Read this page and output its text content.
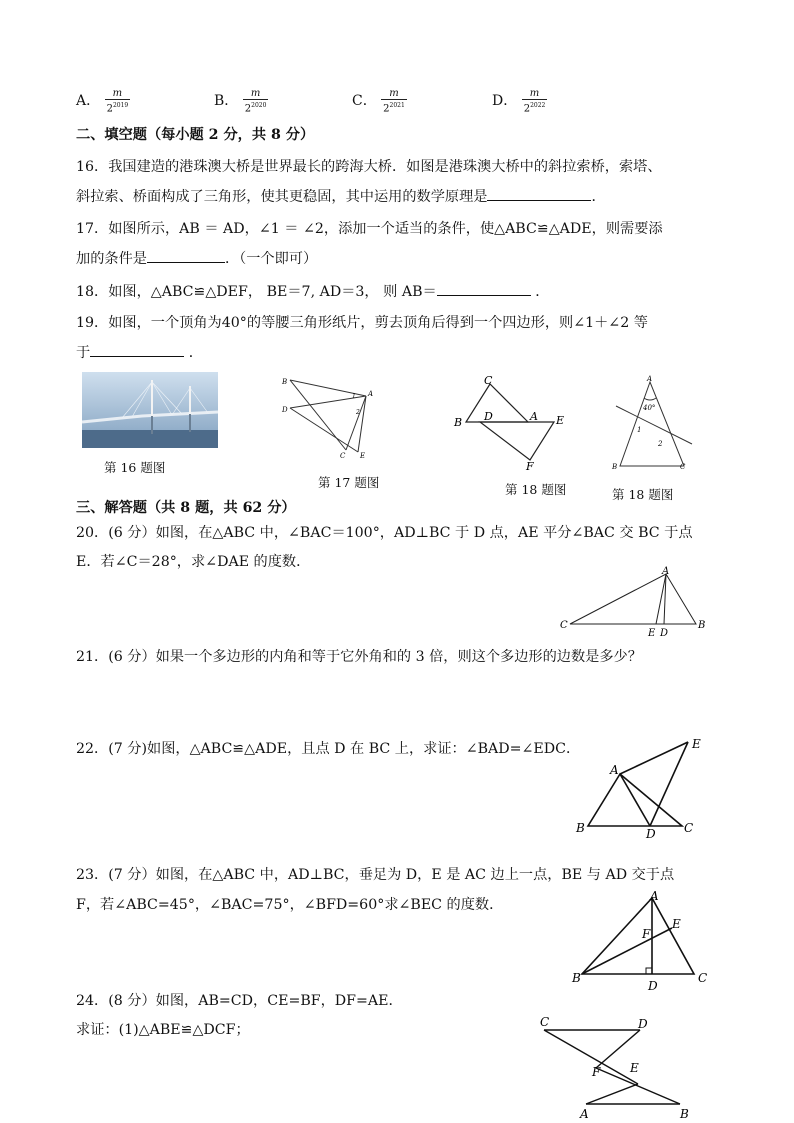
A． $\frac{m}{2^{2019}}$	B． $\frac{m}{2^{2020}}$	C． $\frac{m}{2^{2021}}$	D． $\frac{m}{2^{2022}}$
二、填空题（每小题 2 分，共 8 分）
16．我国建造的港珠澳大桥是世界最长的跨海大桥．如图是港珠澳大桥中的斜拉索桥，索塔、
斜拉索、桥面构成了三角形，使其更稳固，其中运用的数学原理是	．
17．如图所示，AB ＝ AD，∠1 ＝ ∠2，添加一个适当的条件，使△ABC≌△ADE，则需要添
加的条件是	．（一个即可）
18．如图，△ABC≌△DEF， BE＝7, AD＝3， 则 AB＝	．
19．如图，一个顶角为40°的等腰三角形纸片，剪去顶角后得到一个四边形，则∠1＋∠2 等
于	．
第 16 题图
B
D
A
C E
1
2
第 17 题图
C
B D	A E
F
第 18 题图
A
B	C
40°
1
2
第 18 题图
三、解答题（共 8 题，共 62 分）
20．(6 分）如图，在△ABC 中，∠BAC＝100°，AD⊥BC 于 D 点，AE 平分∠BAC 交 BC 于点
E．若∠C＝28°，求∠DAE 的度数．
C
A
B
E D
21．(6 分）如果一个多边形的内角和等于它外角和的 3 倍，则这个多边形的边数是多少？
22．(7 分)如图，△ABC≌△ADE，且点 D 在 BC 上，求证：∠BAD=∠EDC．
A
B	C
D
E
23．(7 分）如图，在△ABC 中，AD⊥BC，垂足为 D，E 是 AC 边上一点，BE 与 AD 交于点
F，若∠ABC=45°，∠BAC=75°，∠BFD=60°求∠BEC 的度数．
A
B	C
D
E
F
24．(8 分）如图，AB=CD，CE=BF，DF=AE．
求证：(1)△ABE≌△DCF；	C	D
E
F
A	B
